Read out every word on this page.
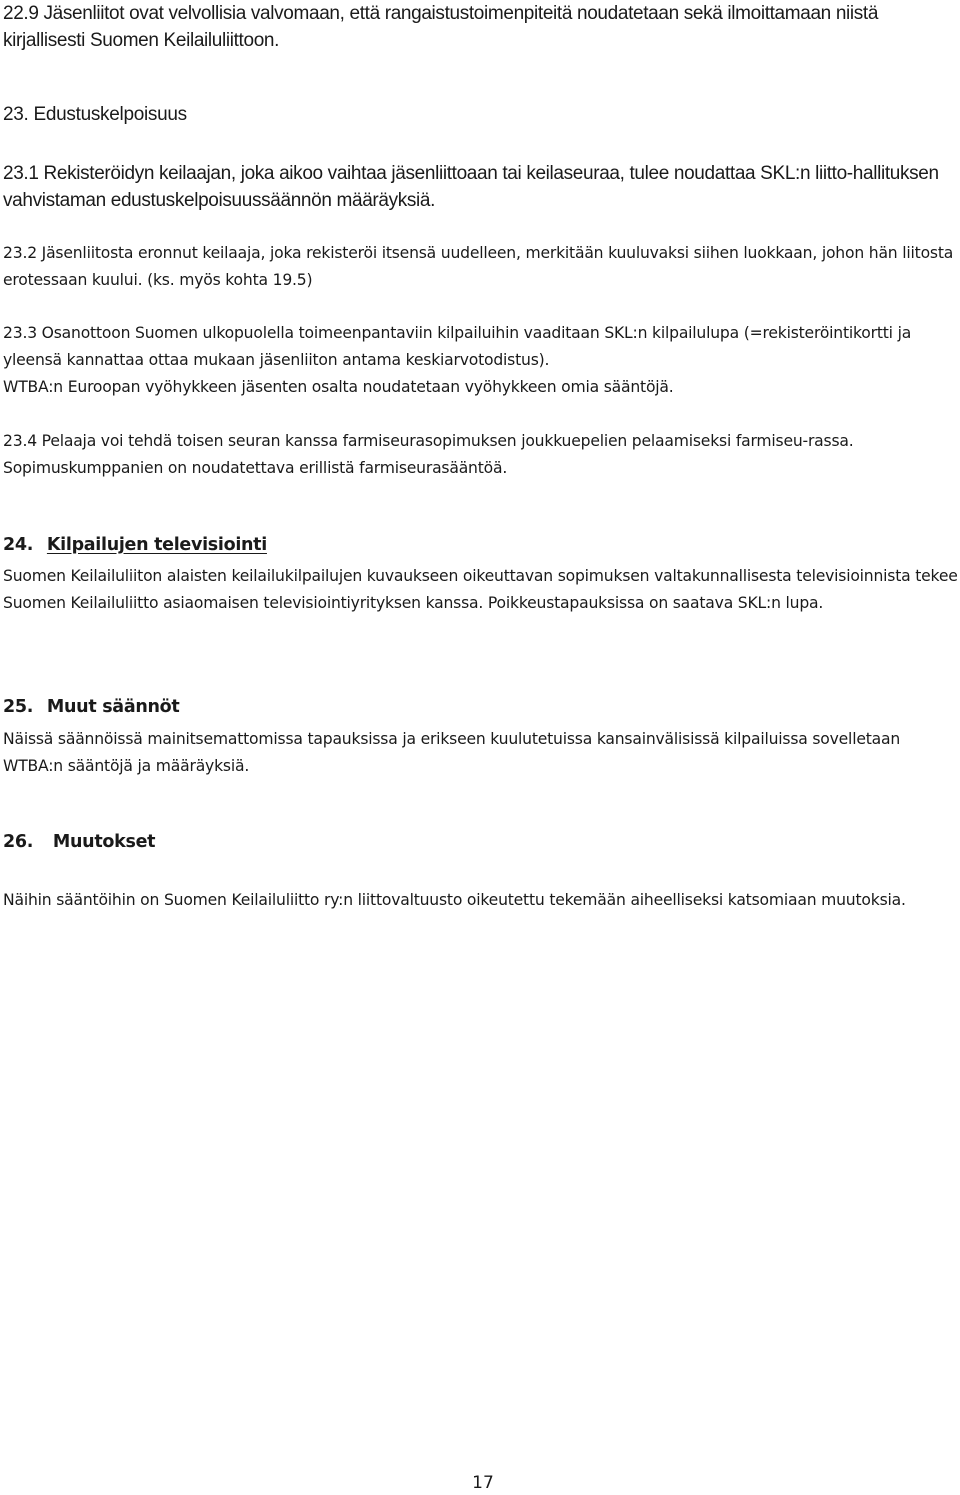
22.9 Jäsenliitot ovat velvollisia valvomaan, että rangaistustoimenpiteitä noudatetaan sekä ilmoittamaan niistä kirjallisesti Suomen Keilailuliittoon.

23. Edustuskelpoisuus

23.1 Rekisteröidyn keilaajan, joka aikoo vaihtaa jäsenliittoaan tai keilaseuraa, tulee noudattaa SKL:n liitto-hallituksen vahvistaman edustuskelpoisuussäännön määräyksiä.

23.2 Jäsenliitosta eronnut keilaaja, joka rekisteröi itsensä uudelleen, merkitään kuuluvaksi siihen luokkaan, johon hän liitosta erotessaan kuului. (ks. myös kohta 19.5)

23.3 Osanottoon Suomen ulkopuolella toimeenpantaviin kilpailuihin vaaditaan SKL:n kilpailulupa (=rekisteröintikortti ja yleensä kannattaa ottaa mukaan jäsenliiton antama keskiarvotodistus).
WTBA:n Euroopan vyöhykkeen jäsenten osalta noudatetaan vyöhykkeen omia sääntöjä.

23.4 Pelaaja voi tehdä toisen seuran kanssa farmiseurasopimuksen joukkuepelien pelaamiseksi farmiseu-rassa. Sopimuskumppanien on noudatettava erillistä farmiseurasääntöä.

24. Kilpailujen televisiointi

Suomen Keilailuliiton alaisten keilailukilpailujen kuvaukseen oikeuttavan sopimuksen valtakunnallisesta televisioinnista tekee Suomen Keilailuliitto asiaomaisen televisiointiyrityksen kanssa. Poikkeustapauksissa on saatava SKL:n lupa.

25. Muut säännöt

Näissä säännöissä mainitsemattomissa tapauksissa ja erikseen kuulutetuissa kansainvälisissä kilpailuissa sovelletaan WTBA:n sääntöjä ja määräyksiä.

26. Muutokset

Näihin sääntöihin on Suomen Keilailuliitto ry:n liittovaltuusto oikeutettu tekemään aiheelliseksi katsomiaan muutoksia.

17
